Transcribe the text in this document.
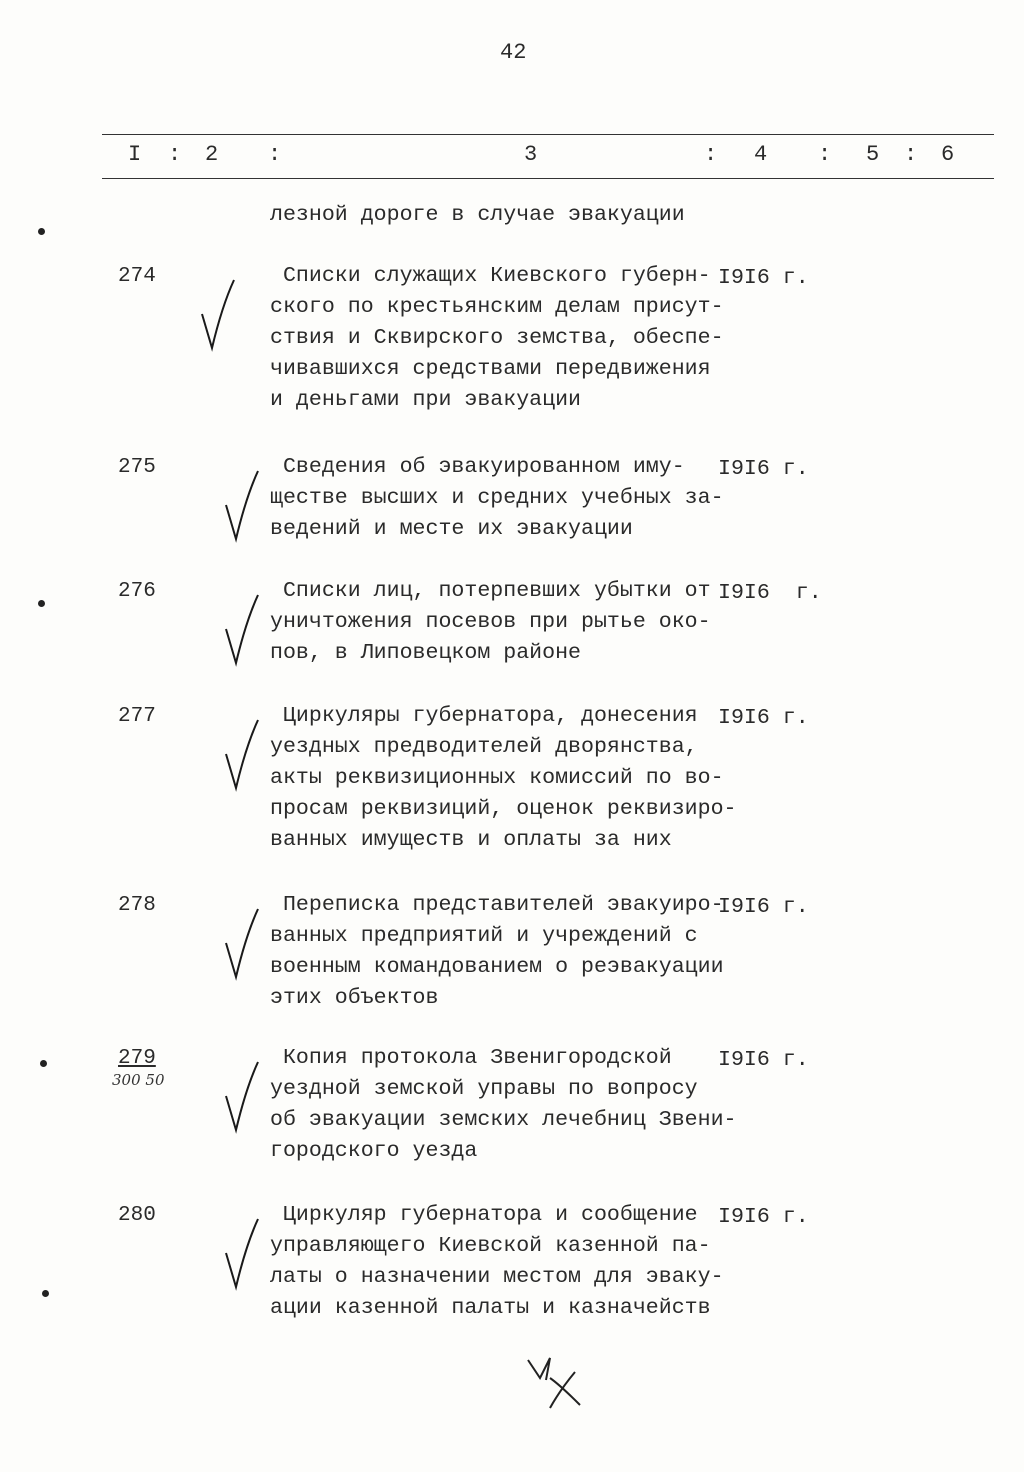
42
I : 2 :	3	: 4 : 5 : 6
лезной дороге в случае эвакуации
274	Списки служащих Киевского губерн-
ского по крестьянским делам присут-
ствия и Сквирского земства, обеспе-
чивавшихся средствами передвижения
и деньгами при эвакуации
I9I6 г.
275	Сведения об эвакуированном иму-
ществе высших и средних учебных за-
ведений и месте их эвакуации
I9I6 г.
276	Списки лиц, потерпевших убытки от
уничтожения посевов при рытье око-
пов, в Липовецком районе
I9I6  г.
277	Циркуляры губернатора, донесения
уездных предводителей дворянства,
акты реквизиционных комиссий по во-
просам реквизиций, оценок реквизиро-
ванных имуществ и оплаты за них
I9I6 г.
278	Переписка представителей эвакуиро-
ванных предприятий и учреждений с
военным командованием о реэвакуации
этих объектов
I9I6 г.
279
300 50
Копия протокола Звенигородской
уездной земской управы по вопросу
об эвакуации земских лечебниц Звени-
городского уезда
I9I6 г.
280	Циркуляр губернатора и сообщение
управляющего Киевской казенной па-
латы о назначении местом для эваку-
ации казенной палаты и казначейств
I9I6 г.
